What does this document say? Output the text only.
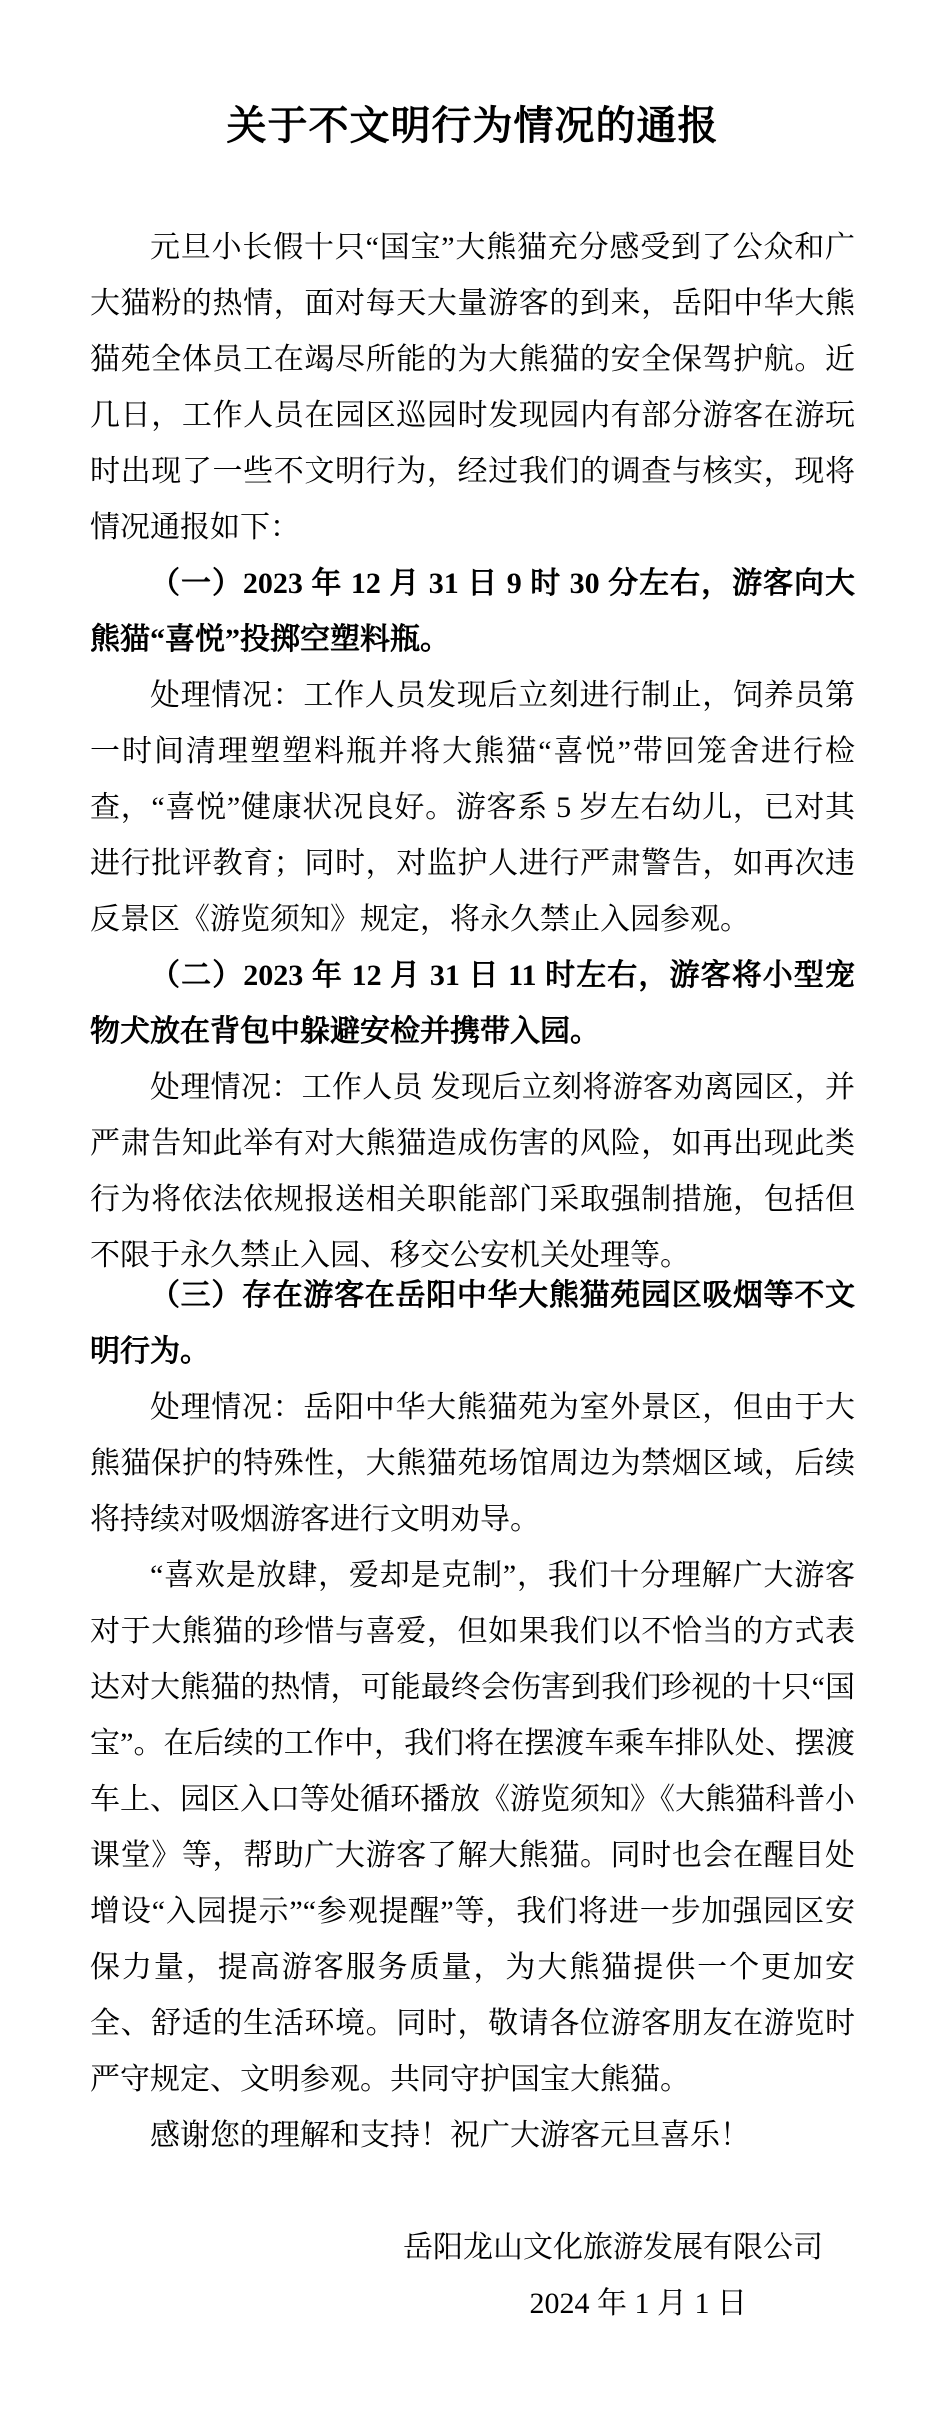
关于不文明行为情况的通报

元旦小长假十只“国宝”大熊猫充分感受到了公众和广大猫粉的热情，面对每天大量游客的到来，岳阳中华大熊猫苑全体员工在竭尽所能的为大熊猫的安全保驾护航。近几日，工作人员在园区巡园时发现园内有部分游客在游玩时出现了一些不文明行为，经过我们的调查与核实，现将情况通报如下：

（一）2023 年 12 月 31 日 9 时 30 分左右，游客向大熊猫“喜悦”投掷空塑料瓶。

处理情况：工作人员发现后立刻进行制止，饲养员第一时间清理塑塑料瓶并将大熊猫“喜悦”带回笼舍进行检查，“喜悦”健康状况良好。游客系 5 岁左右幼儿，已对其进行批评教育；同时，对监护人进行严肃警告，如再次违反景区《游览须知》规定，将永久禁止入园参观。

（二）2023 年 12 月 31 日 11 时左右，游客将小型宠物犬放在背包中躲避安检并携带入园。

处理情况：工作人员 发现后立刻将游客劝离园区，并严肃告知此举有对大熊猫造成伤害的风险，如再出现此类行为将依法依规报送相关职能部门采取强制措施，包括但不限于永久禁止入园、移交公安机关处理等。

（三）存在游客在岳阳中华大熊猫苑园区吸烟等不文明行为。

处理情况：岳阳中华大熊猫苑为室外景区，但由于大熊猫保护的特殊性，大熊猫苑场馆周边为禁烟区域，后续将持续对吸烟游客进行文明劝导。

“喜欢是放肆，爱却是克制”，我们十分理解广大游客对于大熊猫的珍惜与喜爱，但如果我们以不恰当的方式表达对大熊猫的热情，可能最终会伤害到我们珍视的十只“国宝”。在后续的工作中，我们将在摆渡车乘车排队处、摆渡车上、园区入口等处循环播放《游览须知》《大熊猫科普小课堂》等，帮助广大游客了解大熊猫。同时也会在醒目处增设“入园提示”“参观提醒”等，我们将进一步加强园区安保力量，提高游客服务质量，为大熊猫提供一个更加安全、舒适的生活环境。同时，敬请各位游客朋友在游览时严守规定、文明参观。共同守护国宝大熊猫。

感谢您的理解和支持！祝广大游客元旦喜乐！

岳阳龙山文化旅游发展有限公司
2024 年 1 月 1 日
